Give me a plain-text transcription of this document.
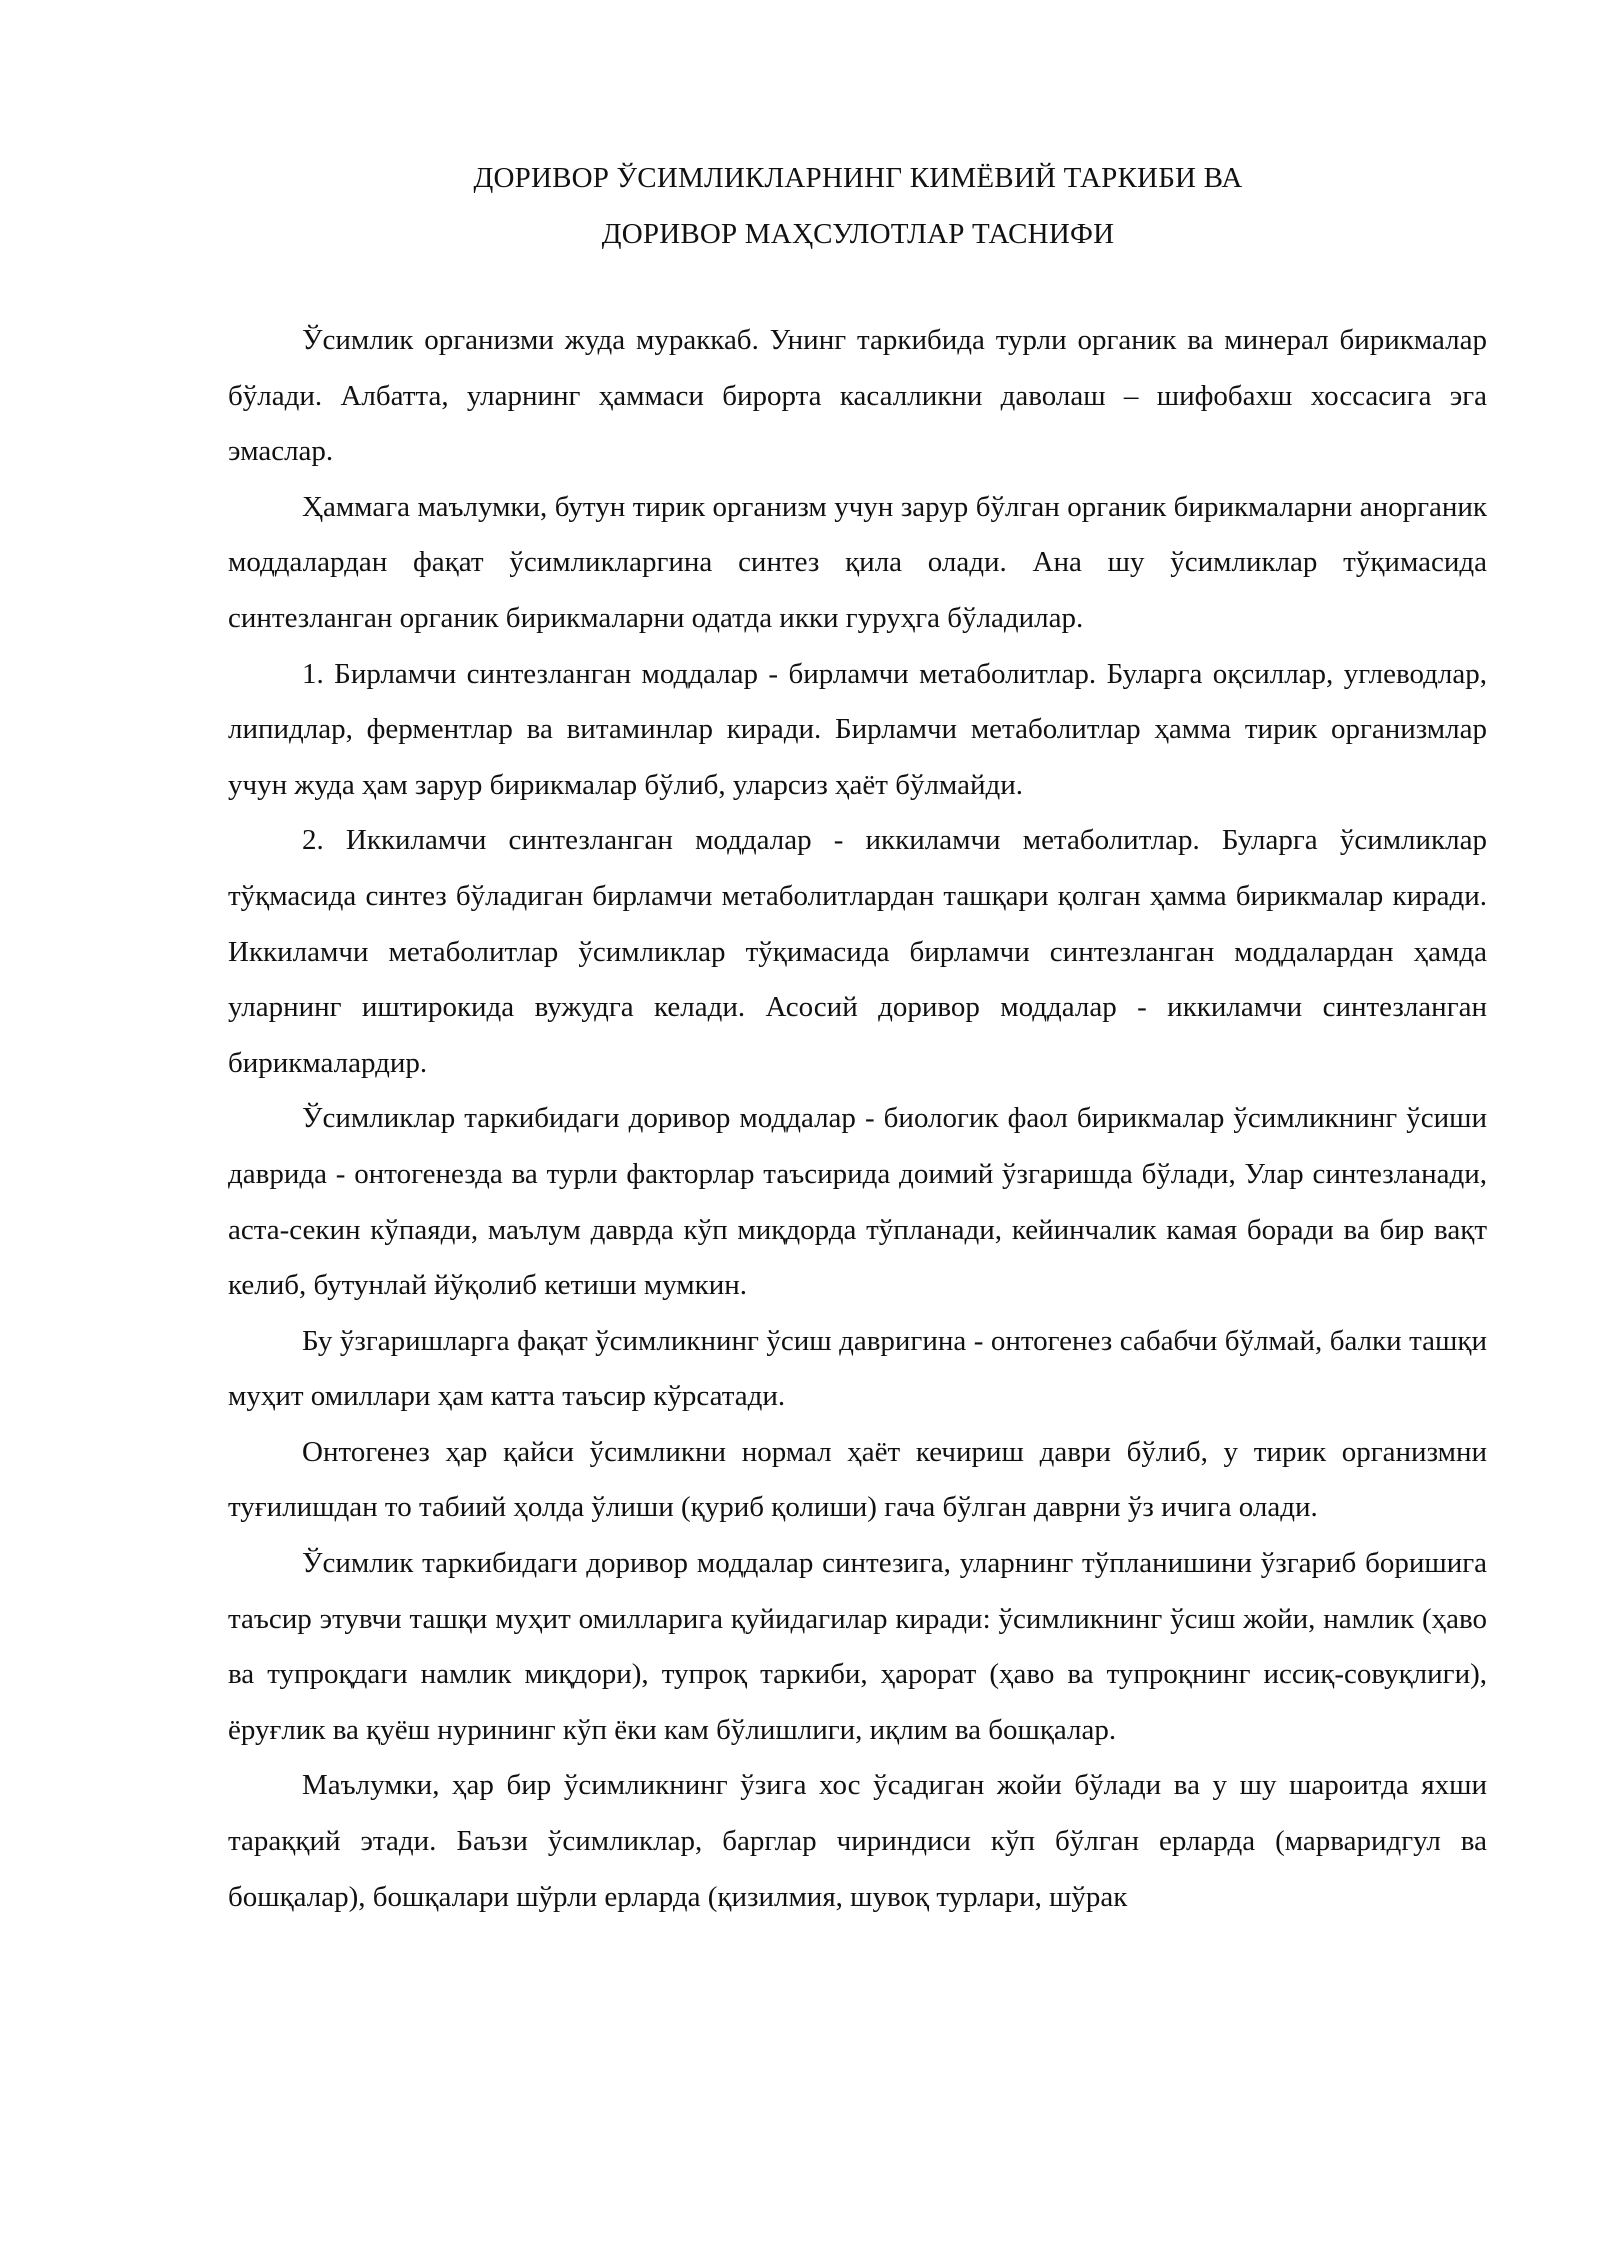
ДОРИВОР ЎСИМЛИКЛАРНИНГ КИМЁВИЙ ТАРКИБИ ВА
ДОРИВОР МАҲСУЛОТЛАР ТАСНИФИ

Ўсимлик организми жуда мураккаб. Унинг таркибида турли органик ва минерал бирикмалар бўлади. Албатта, уларнинг ҳаммаси бирорта касалликни даволаш – шифобахш хоссасига эга эмаслар.

Ҳаммага маълумки, бутун тирик организм учун зарур бўлган органик бирикмаларни анорганик моддалардан фақат ўсимликларгина синтез қила олади. Ана шу ўсимликлар тўқимасида синтезланган органик бирикмаларни одатда икки гуруҳга бўладилар.

1. Бирламчи синтезланган моддалар - бирламчи метаболитлар. Буларга оқсиллар, углеводлар, липидлар, ферментлар ва витаминлар киради. Бирламчи метаболитлар ҳамма тирик организмлар учун жуда ҳам зарур бирикмалар бўлиб, уларсиз ҳаёт бўлмайди.

2. Иккиламчи синтезланган моддалар - иккиламчи метаболитлар. Буларга ўсимликлар тўқмасида синтез бўладиган бирламчи метаболитлардан ташқари қолган ҳамма бирикмалар киради. Иккиламчи метаболитлар ўсимликлар тўқимасида бирламчи синтезланган моддалардан ҳамда уларнинг иштирокида вужудга келади. Асосий доривор моддалар - иккиламчи синтезланган бирикмалардир.

Ўсимликлар таркибидаги доривор моддалар - биологик фаол бирикмалар ўсимликнинг ўсиши даврида - онтогенезда ва турли факторлар таъсирида доимий ўзгаришда бўлади, Улар синтезланади, аста-секин кўпаяди, маълум даврда кўп миқдорда тўпланади, кейинчалик камая боради ва бир вақт келиб, бутунлай йўқолиб кетиши мумкин.

Бу ўзгаришларга фақат ўсимликнинг ўсиш давригина - онтогенез сабабчи бўлмай, балки ташқи муҳит омиллари ҳам катта таъсир кўрсатади.

Онтогенез ҳар қайси ўсимликни нормал ҳаёт кечириш даври бўлиб, у тирик организмни туғилишдан то табиий ҳолда ўлиши (қуриб қолиши) гача бўлган даврни ўз ичига олади.

Ўсимлик таркибидаги доривор моддалар синтезига, уларнинг тўпланишини ўзгариб боришига таъсир этувчи ташқи муҳит омилларига қуйидагилар киради: ўсимликнинг ўсиш жойи, намлик (ҳаво ва тупроқдаги намлик миқдори), тупроқ таркиби, ҳарорат (ҳаво ва тупроқнинг иссиқ-совуқлиги), ёруғлик ва қуёш нурининг кўп ёки кам бўлишлиги, иқлим ва бошқалар.

Маълумки, ҳар бир ўсимликнинг ўзига хос ўсадиган жойи бўлади ва у шу шароитда яхши тараққий этади. Баъзи ўсимликлар, барглар чириндиси кўп бўлган ерларда (марваридгул ва бошқалар), бошқалари шўрли ерларда (қизилмия, шувоқ турлари, шўрак
